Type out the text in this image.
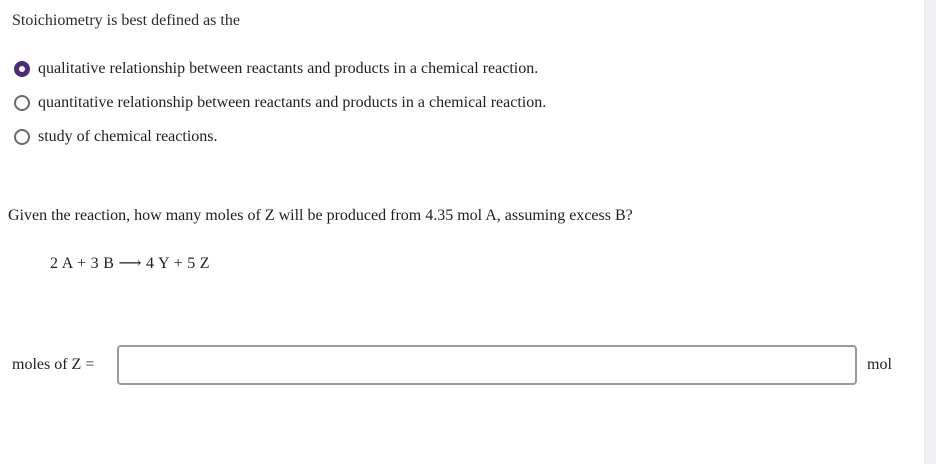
Stoichiometry is best defined as the
qualitative relationship between reactants and products in a chemical reaction.
quantitative relationship between reactants and products in a chemical reaction.
study of chemical reactions.
Given the reaction, how many moles of Z will be produced from 4.35 mol A, assuming excess B?
2 A + 3 B ⟶ 4 Y + 5 Z
moles of Z =	mol
